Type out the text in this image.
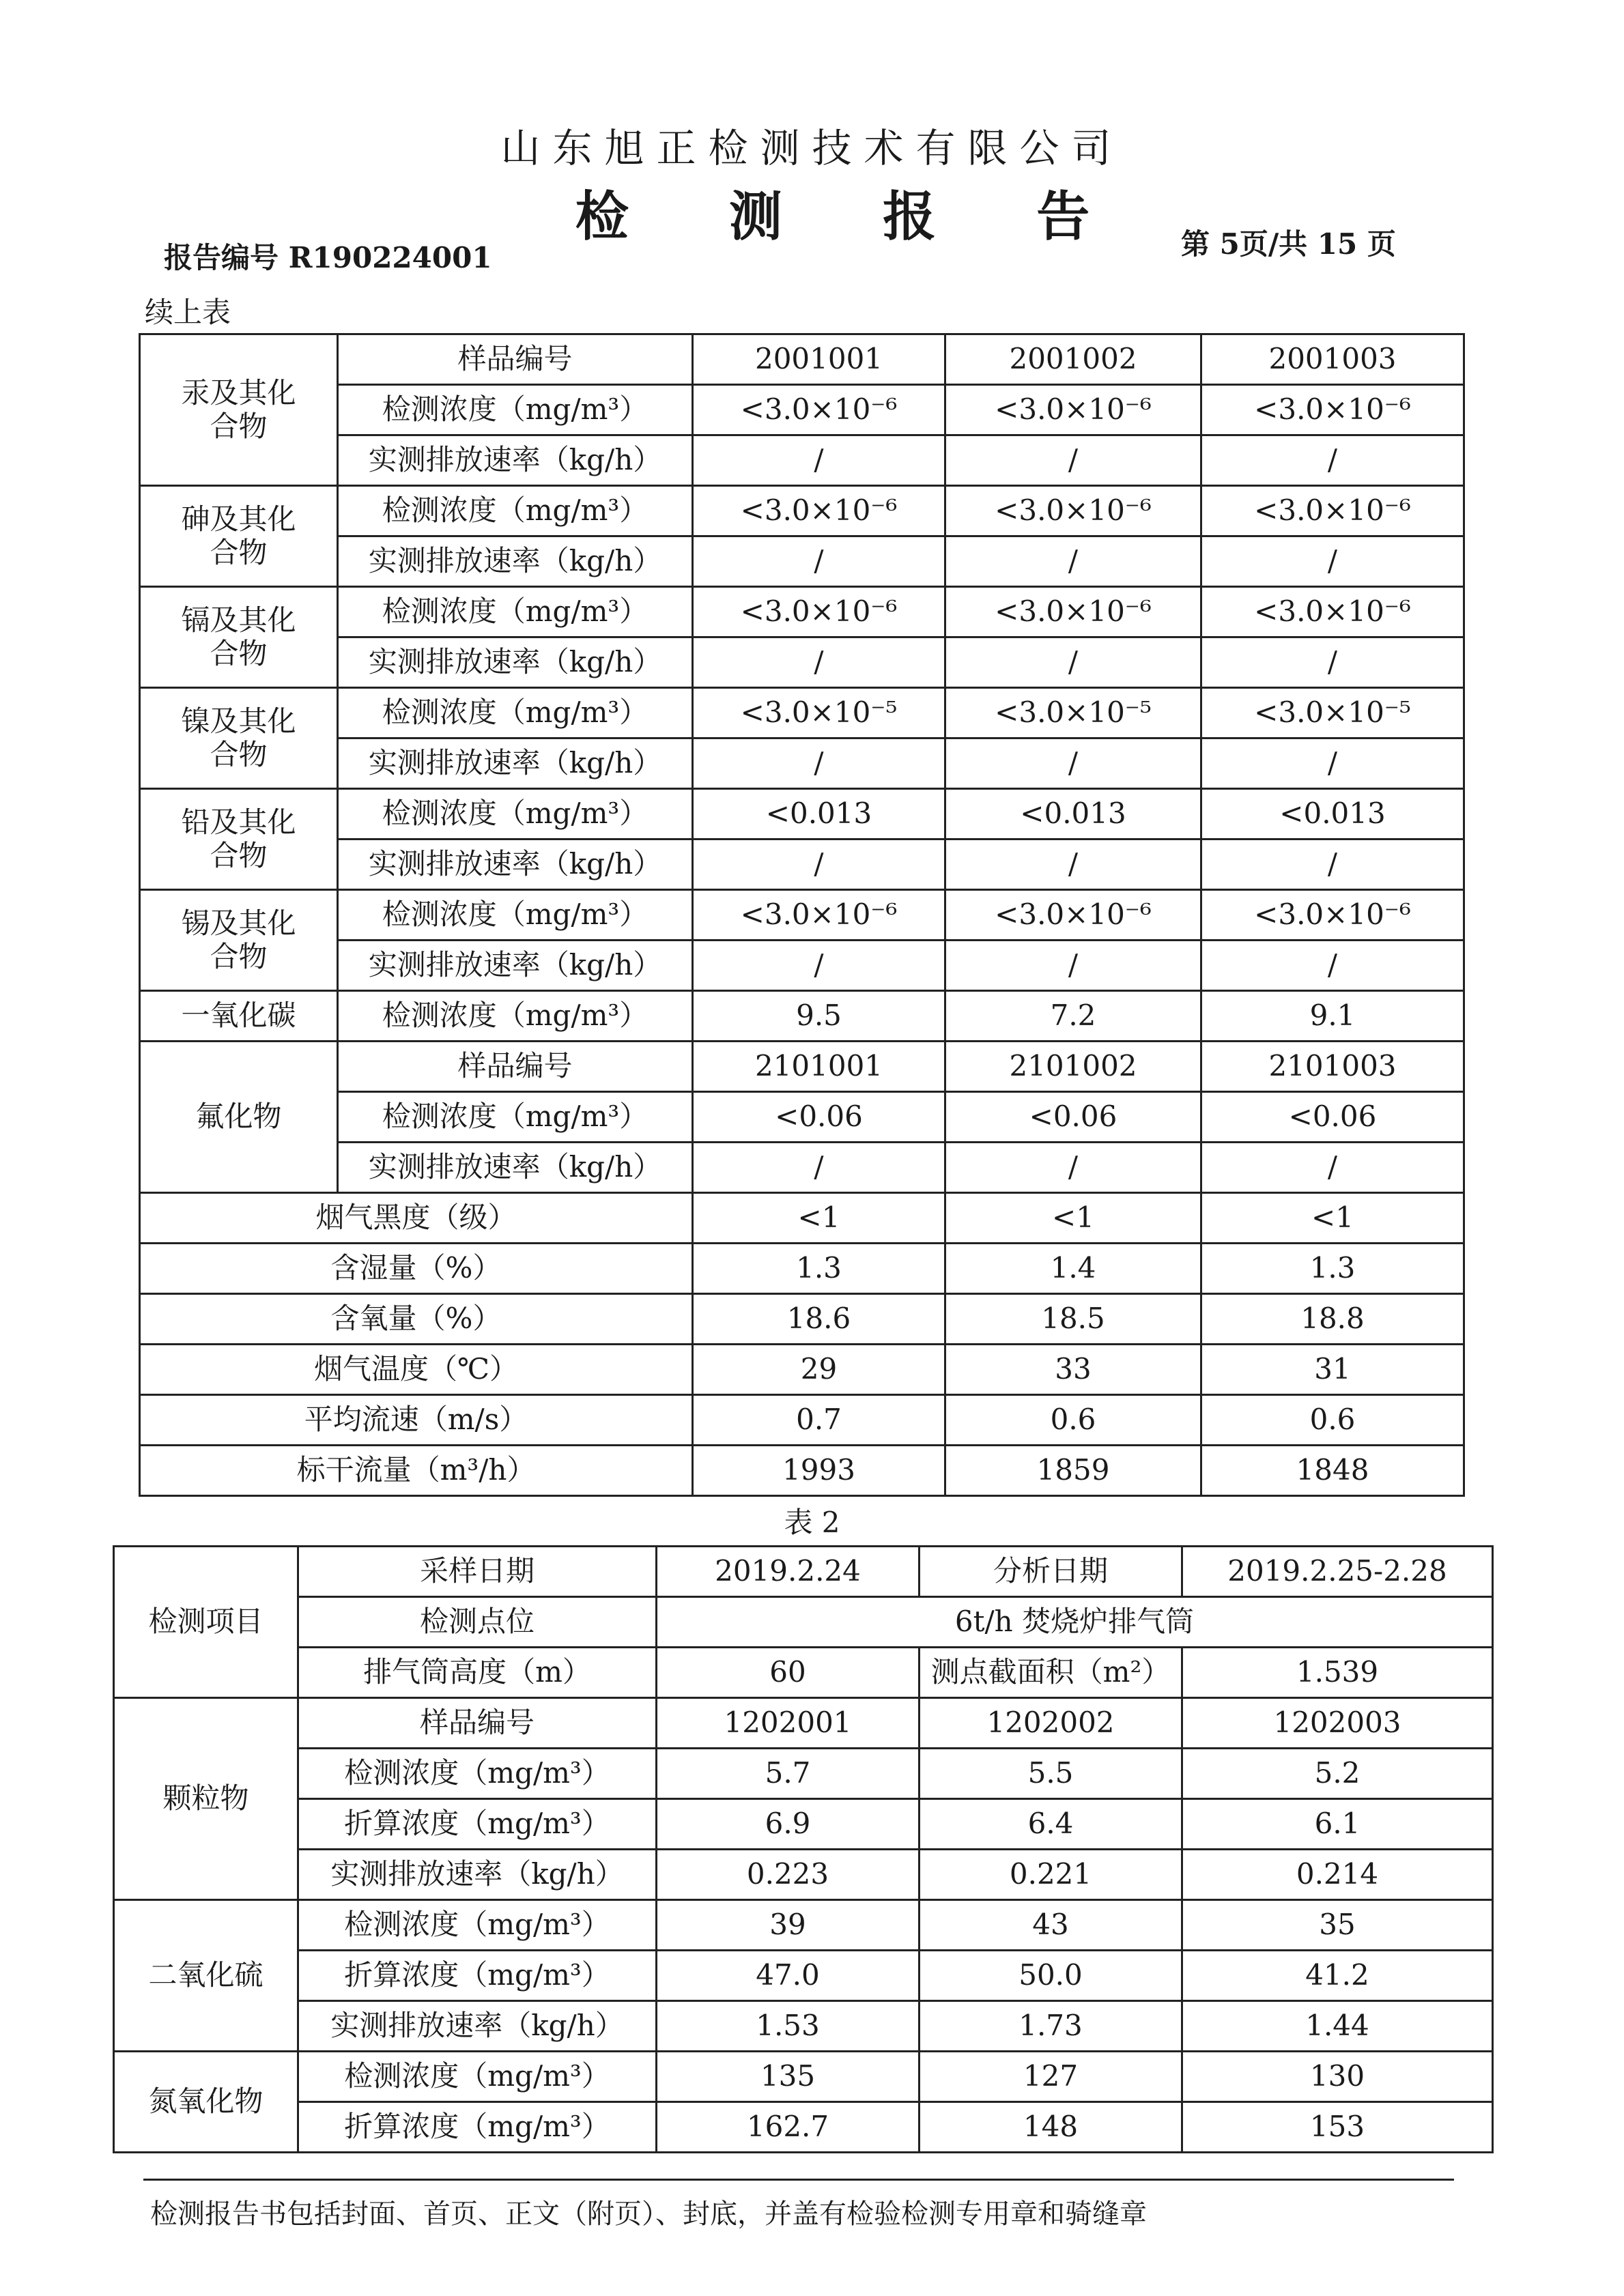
山东旭正检测技术有限公司
检 测 报 告
报告编号 R190224001	第 5页/共 15 页
续上表
汞及其化合物	样品编号	2001001	2001002	2001003
	检测浓度（mg/m³）	<3.0×10⁻⁶	<3.0×10⁻⁶	<3.0×10⁻⁶
	实测排放速率（kg/h）	/	/	/
砷及其化合物	检测浓度（mg/m³）	<3.0×10⁻⁶	<3.0×10⁻⁶	<3.0×10⁻⁶
	实测排放速率（kg/h）	/	/	/
镉及其化合物	检测浓度（mg/m³）	<3.0×10⁻⁶	<3.0×10⁻⁶	<3.0×10⁻⁶
	实测排放速率（kg/h）	/	/	/
镍及其化合物	检测浓度（mg/m³）	<3.0×10⁻⁵	<3.0×10⁻⁵	<3.0×10⁻⁵
	实测排放速率（kg/h）	/	/	/
铅及其化合物	检测浓度（mg/m³）	<0.013	<0.013	<0.013
	实测排放速率（kg/h）	/	/	/
锡及其化合物	检测浓度（mg/m³）	<3.0×10⁻⁶	<3.0×10⁻⁶	<3.0×10⁻⁶
	实测排放速率（kg/h）	/	/	/
一氧化碳	检测浓度（mg/m³）	9.5	7.2	9.1
氟化物	样品编号	2101001	2101002	2101003
	检测浓度（mg/m³）	<0.06	<0.06	<0.06
	实测排放速率（kg/h）	/	/	/
烟气黑度（级）		<1	<1	<1
含湿量（%）		1.3	1.4	1.3
含氧量（%）		18.6	18.5	18.8
烟气温度（℃）		29	33	31
平均流速（m/s）		0.7	0.6	0.6
标干流量（m³/h）		1993	1859	1848
表 2
检测项目	采样日期	2019.2.24	分析日期	2019.2.25-2.28
	检测点位	6t/h 焚烧炉排气筒		
	排气筒高度（m）	60	测点截面积（m²）	1.539
颗粒物	样品编号	1202001	1202002	1202003
	检测浓度（mg/m³）	5.7	5.5	5.2
	折算浓度（mg/m³）	6.9	6.4	6.1
	实测排放速率（kg/h）	0.223	0.221	0.214
二氧化硫	检测浓度（mg/m³）	39	43	35
	折算浓度（mg/m³）	47.0	50.0	41.2
	实测排放速率（kg/h）	1.53	1.73	1.44
氮氧化物	检测浓度（mg/m³）	135	127	130
	折算浓度（mg/m³）	162.7	148	153
检测报告书包括封面、首页、正文（附页）、封底，并盖有检验检测专用章和骑缝章
